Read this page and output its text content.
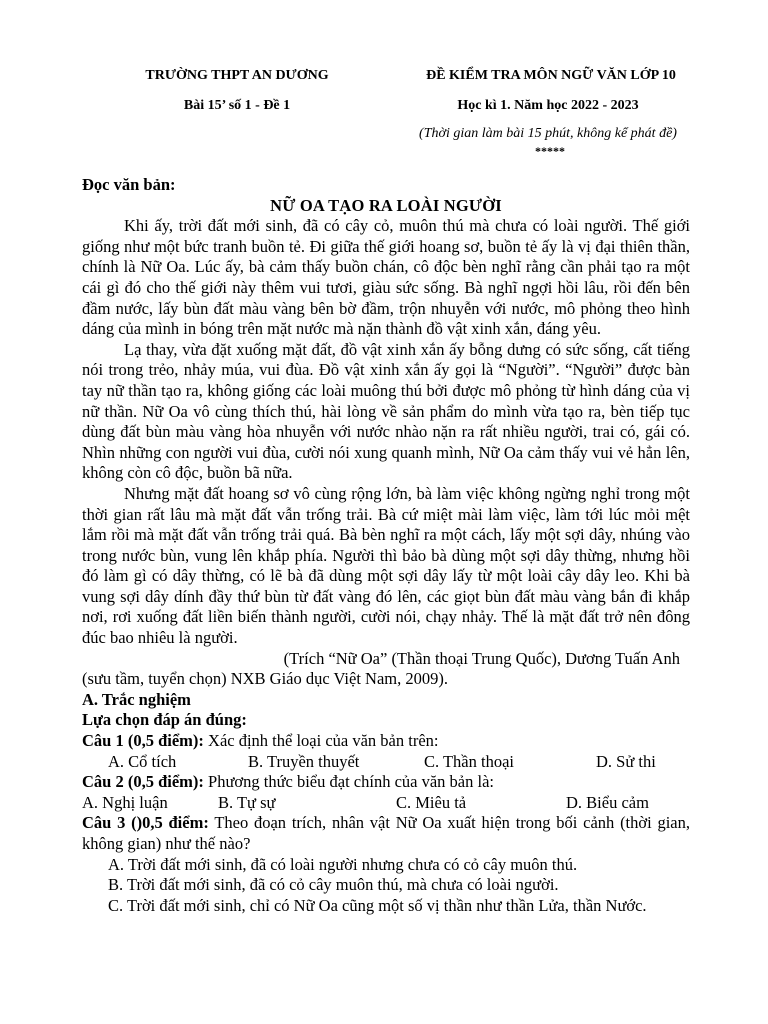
TRƯỜNG THPT AN DƯƠNG
Bài 15’ số 1 - Đề 1
ĐỀ KIỂM TRA MÔN NGỮ VĂN LỚP 10
Học kì 1. Năm học 2022 - 2023
(Thời gian làm bài 15 phút, không kể phát đề)
*****

Đọc văn bản:

NỮ OA TẠO RA LOÀI NGƯỜI

Khi ấy, trời đất mới sinh, đã có cây cỏ, muôn thú mà chưa có loài người. Thế giới giống như một bức tranh buồn tẻ. Đi giữa thế giới hoang sơ, buồn tẻ ấy là vị đại thiên thần, chính là Nữ Oa. Lúc ấy, bà cảm thấy buồn chán, cô độc bèn nghĩ rằng cần phải tạo ra một cái gì đó cho thế giới này thêm vui tươi, giàu sức sống. Bà nghĩ ngợi hồi lâu, rồi đến bên đầm nước, lấy bùn đất màu vàng bên bờ đầm, trộn nhuyễn với nước, mô phỏng theo hình dáng của mình in bóng trên mặt nước mà nặn thành đồ vật xinh xắn, đáng yêu.

Lạ thay, vừa đặt xuống mặt đất, đồ vật xinh xắn ấy bỗng dưng có sức sống, cất tiếng nói trong trẻo, nhảy múa, vui đùa. Đồ vật xinh xắn ấy gọi là “Người”. “Người” được bàn tay nữ thần tạo ra, không giống các loài muông thú bởi được mô phỏng từ hình dáng của vị nữ thần. Nữ Oa vô cùng thích thú, hài lòng về sản phẩm do mình vừa tạo ra, bèn tiếp tục dùng đất bùn màu vàng hòa nhuyễn với nước nhào nặn ra rất nhiều người, trai có, gái có. Nhìn những con người vui đùa, cười nói xung quanh mình, Nữ Oa cảm thấy vui vẻ hẳn lên, không còn cô độc, buồn bã nữa.

Nhưng mặt đất hoang sơ vô cùng rộng lớn, bà làm việc không ngừng nghỉ trong một thời gian rất lâu mà mặt đất vẫn trống trải. Bà cứ miệt mài làm việc, làm tới lúc mỏi mệt lắm rồi mà mặt đất vẫn trống trải quá. Bà bèn nghĩ ra một cách, lấy một sợi dây, nhúng vào trong nước bùn, vung lên khắp phía. Người thì bảo bà dùng một sợi dây thừng, nhưng hồi đó làm gì có dây thừng, có lẽ bà đã dùng một sợi dây lấy từ một loài cây dây leo. Khi bà vung sợi dây dính đầy thứ bùn từ đất vàng đó lên, các giọt bùn đất màu vàng bắn đi khắp nơi, rơi xuống đất liền biến thành người, cười nói, chạy nhảy. Thế là mặt đất trở nên đông đúc bao nhiêu là người.

(Trích “Nữ Oa” (Thần thoại Trung Quốc), Dương Tuấn Anh

(sưu tầm, tuyển chọn) NXB Giáo dục Việt Nam, 2009).

A. Trắc nghiệm

Lựa chọn đáp án đúng:

Câu 1 (0,5 điểm): Xác định thể loại của văn bản trên:

A. Cổ tích	B. Truyền thuyết	C. Thần thoại	D. Sử thi

Câu 2 (0,5 điểm): Phương thức biểu đạt chính của văn bản là:

A. Nghị luận	B. Tự sự	C. Miêu tả	D. Biểu cảm

Câu 3 ()0,5 điểm: Theo đoạn trích, nhân vật Nữ Oa xuất hiện trong bối cảnh (thời gian, không gian) như thế nào?

A. Trời đất mới sinh, đã có loài người nhưng chưa có cỏ cây muôn thú.

B. Trời đất mới sinh, đã có cỏ cây muôn thú, mà chưa có loài người.

C. Trời đất mới sinh, chỉ có Nữ Oa cũng một số vị thần như thần Lửa, thần Nước.
